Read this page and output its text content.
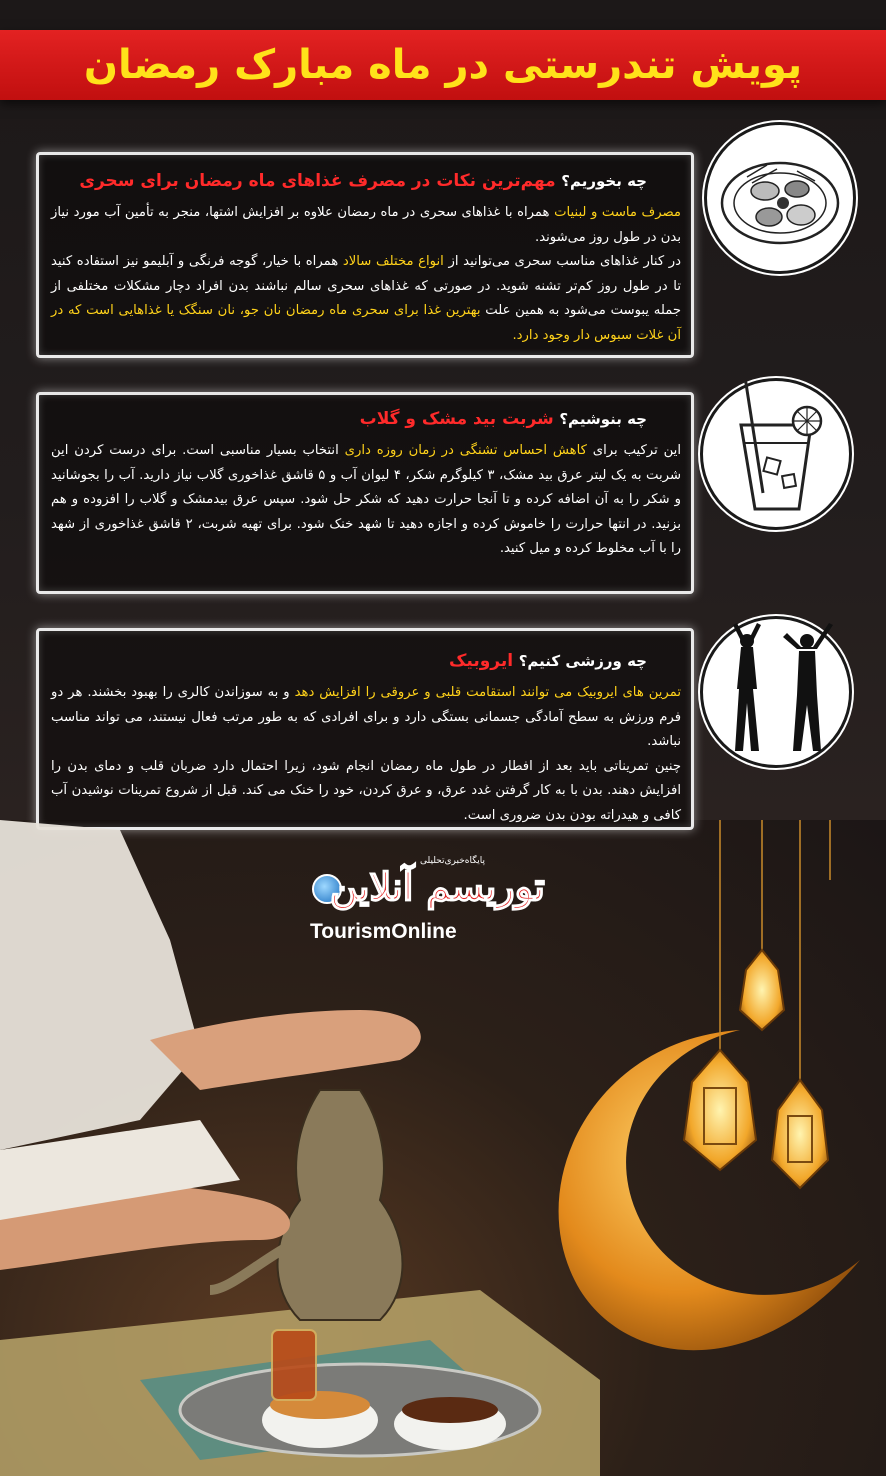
پویش تندرستی در ماه مبارک رمضان
چه بخوریم؟ مهم‌ترین نکات در مصرف غذاهای ماه رمضان برای سحری

مصرف ماست و لبنیات همراه با غذاهای سحری در ماه رمضان علاوه بر افزایش اشتها، منجر به تأمین آب مورد نیاز بدن در طول روز می‌شوند.

در کنار غذاهای مناسب سحری می‌توانید از انواع مختلف سالاد همراه با خیار، گوجه فرنگی و آبلیمو نیز استفاده کنید تا در طول روز کم‌تر تشنه شوید. در صورتی که غذاهای سحری سالم نباشند بدن افراد دچار مشکلات مختلفی از جمله یبوست می‌شود به همین علت بهترین غذا برای سحری ماه رمضان نان جو، نان سنگک یا غذاهایی است که در آن غلات سبوس دار وجود دارد.

چه بنوشیم؟ شربت بید مشک و گلاب

این ترکیب برای کاهش احساس تشنگی در زمان روزه داری انتخاب بسیار مناسبی است. برای درست کردن این شربت به یک لیتر عرق بید مشک، ۳ کیلوگرم شکر، ۴ لیوان آب و ۵ قاشق غذاخوری گلاب نیاز دارید. آب را بجوشانید و شکر را به آن اضافه کرده و تا آنجا حرارت دهید که شکر حل شود. سپس عرق بیدمشک و گلاب را افزوده و هم بزنید. در انتها حرارت را خاموش کرده و اجازه دهید تا شهد خنک شود. برای تهیه شربت، ۲ قاشق غذاخوری از شهد را با آب مخلوط کرده و میل کنید.

چه ورزشی کنیم؟ ایروبیک

تمرین های ایروبیک می توانند استقامت قلبی و عروقی را افزایش دهد و به سوزاندن کالری را بهبود بخشند. هر دو فرم ورزش به سطح آمادگی جسمانی بستگی دارد و برای افرادی که به طور مرتب فعال نیستند، می تواند مناسب نباشد.

چنین تمریناتی باید بعد از افطار در طول ماه رمضان انجام شود، زیرا احتمال دارد ضربان قلب و دمای بدن را افزایش دهند. بدن با به کار گرفتن غدد عرق، و عرق کردن، خود را خنک می کند. قبل از شروع تمرینات نوشیدن آب کافی و هیدراته بودن بدن ضروری است.

پایگاه‌خبری‌تحلیلی
توریسم آنلاین
TourismOnline
